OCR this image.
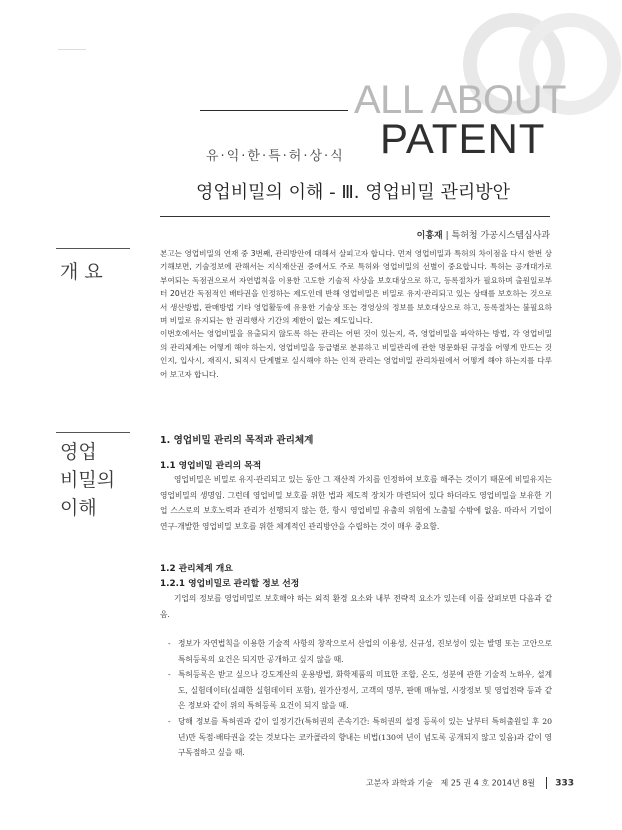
ALL ABOUT
PATENT
유·익·한·특·허·상·식
영업비밀의 이해 - Ⅲ. 영업비밀 관리방안
이흥재 | 특허청 가공시스템심사과
개 요
영업
비밀의
이해

본고는 영업비밀의 연재 중 3번째, 관리방안에 대해서 살피고자 합니다. 먼저 영업비밀과 특허의 차이점을 다시 한번 상기해보면, 기술정보에 관해서는 지식재산권 중에서도 주로 특허와 영업비밀의 선별이 중요합니다. 특허는 공개대가로 부여되는 독점권으로서 자연법칙을 이용한 고도한 기술적 사상을 보호대상으로 하고, 등록절차가 필요하며 출원일로부터 20년간 독점적인 배타권을 인정하는 제도인데 반해 영업비밀은 비밀로 유지·관리되고 있는 상태를 보호하는 것으로서 생산방법, 판매방법 기타 영업활동에 유용한 기술상 또는 경영상의 정보를 보호대상으로 하고, 등록절차는 불필요하며 비밀로 유지되는 한 권리행사 기간의 제한이 없는 제도입니다.

이번호에서는 영업비밀을 유출되지 않도록 하는 관리는 어떤 것이 있는지, 즉, 영업비밀을 파악하는 방법, 각 영업비밀의 관리체계는 어떻게 해야 하는지, 영업비밀을 등급별로 분류하고 비밀관리에 관한 명문화된 규정을 어떻게 만드는 것인지, 입사시, 재직시, 퇴직시 단계별로 실시해야 하는 인적 관리는 영업비밀 관리차원에서 어떻게 해야 하는지를 다루어 보고자 합니다.

1. 영업비밀 관리의 목적과 관리체계
1.1 영업비밀 관리의 목적
영업비밀은 비밀로 유지·관리되고 있는 동안 그 재산적 가치를 인정하여 보호를 해주는 것이기 때문에 비밀유지는 영업비밀의 생명임. 그런데 영업비밀 보호를 위한 법과 제도적 장치가 마련되어 있다 하더라도 영업비밀을 보유한 기업 스스로의 보호노력과 관리가 선행되지 않는 한, 항시 영업비밀 유출의 위험에 노출될 수밖에 없음. 따라서 기업이 연구·개발한 영업비밀 보호를 위한 체계적인 관리방안을 수립하는 것이 매우 중요함.
1.2 관리체계 개요
1.2.1 영업비밀로 관리할 정보 선정
기업의 정보를 영업비밀로 보호해야 하는 외적 환경 요소와 내부 전략적 요소가 있는데 이를 살펴보면 다음과 같음.
- 정보가 자연법칙을 이용한 기술적 사항의 창작으로서 산업의 이용성, 신규성, 진보성이 있는 발명 또는 고안으로 특허등록의 요건은 되지만 공개하고 싶지 않을 때.
- 특허등록은 받고 싶으나 강도계산의 운용방법, 화학제품의 미묘한 조합, 온도, 성분에 관한 기술적 노하우, 설계도, 실험데이터(실패한 실험데이터 포함), 원가산정서, 고객의 명부, 판매 매뉴얼, 시장정보 및 영업전략 등과 같은 정보와 같이 위의 특허등록 요건이 되지 않을 때.
- 당해 정보를 특허권과 같이 일정기간(특허권의 존속기간: 특허권의 설정 등록이 있는 날부터 특허출원일 후 20년)만 독점·배타권을 갖는 것보다는 코카콜라의 향내는 비법(130여 년이 넘도록 공개되지 않고 있음)과 같이 영구독점하고 싶을 때.
고분자 과학과 기술 제 25 권 4 호 2014년 8월 333
